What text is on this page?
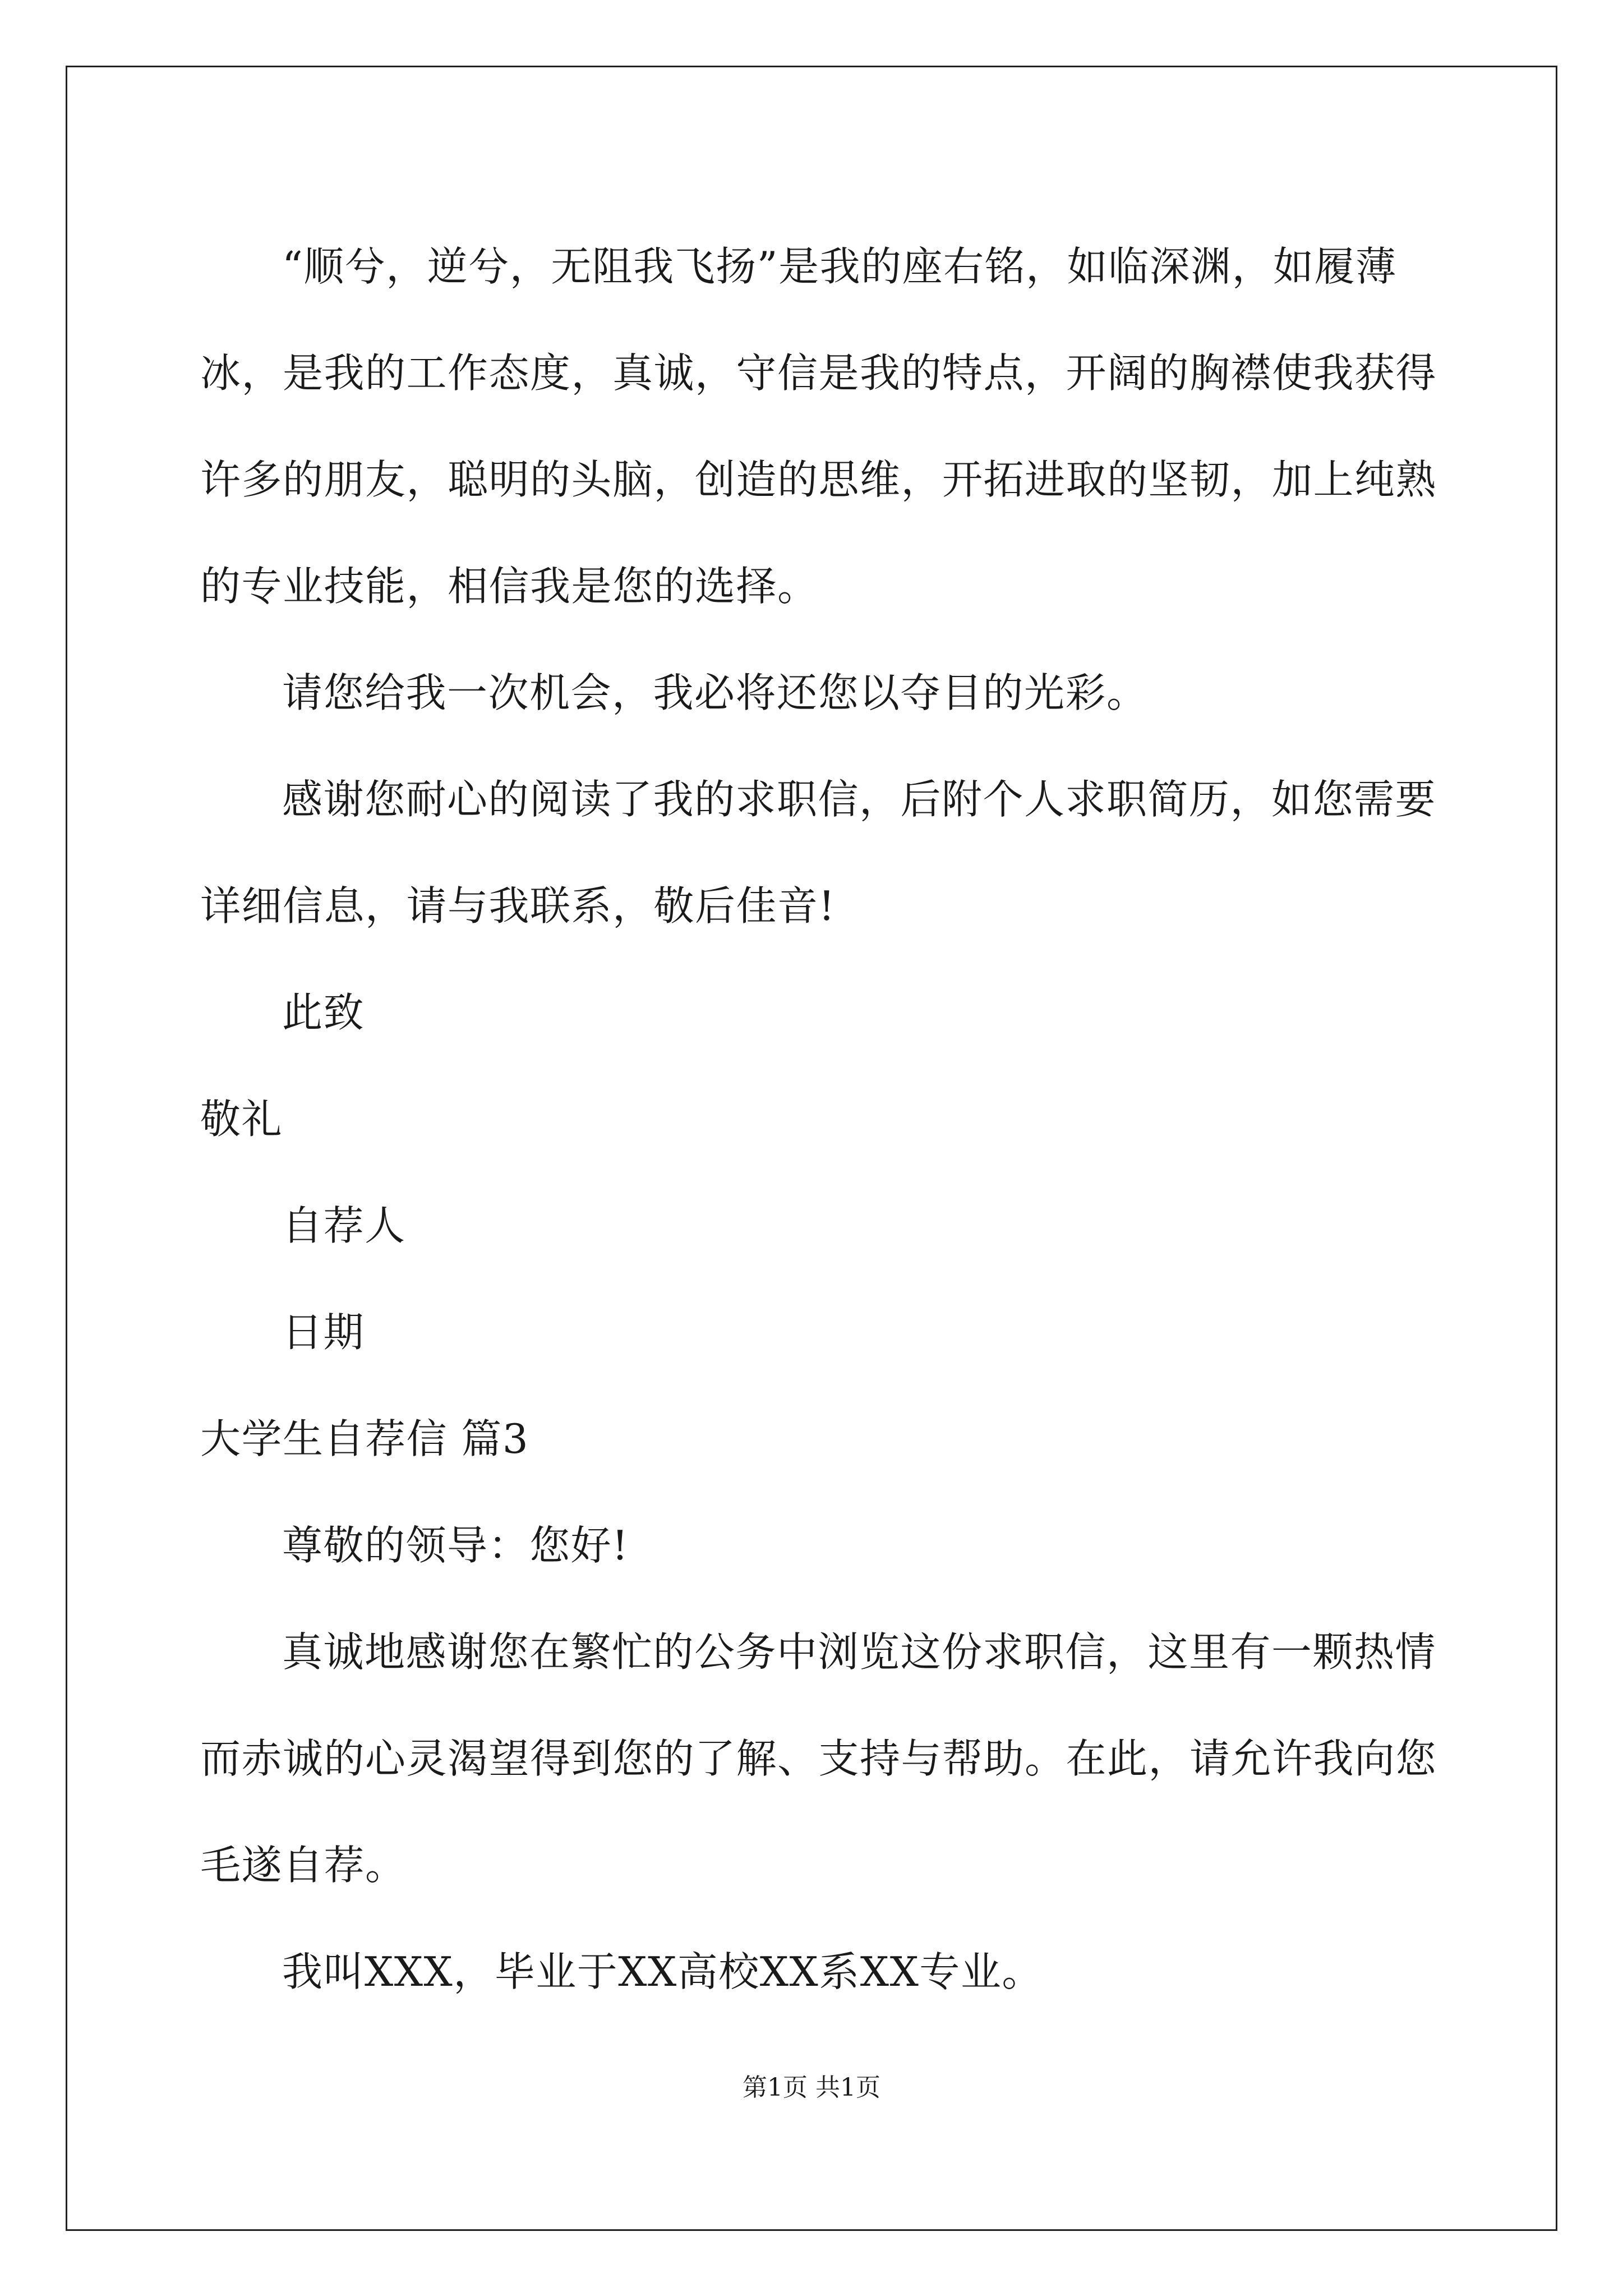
“顺兮，逆兮，无阻我飞扬”是我的座右铭，如临深渊，如履薄
冰，是我的工作态度，真诚，守信是我的特点，开阔的胸襟使我获得
许多的朋友，聪明的头脑，创造的思维，开拓进取的坚韧，加上纯熟
的专业技能，相信我是您的选择。
请您给我一次机会，我必将还您以夺目的光彩。
感谢您耐心的阅读了我的求职信，后附个人求职简历，如您需要
详细信息，请与我联系，敬后佳音!
此致
敬礼
自荐人
日期
大学生自荐信 篇3
尊敬的领导：您好!
真诚地感谢您在繁忙的公务中浏览这份求职信，这里有一颗热情
而赤诚的心灵渴望得到您的了解、支持与帮助。在此，请允许我向您
毛遂自荐。
我叫XXX，毕业于XX高校XX系XX专业。
第1页 共1页
